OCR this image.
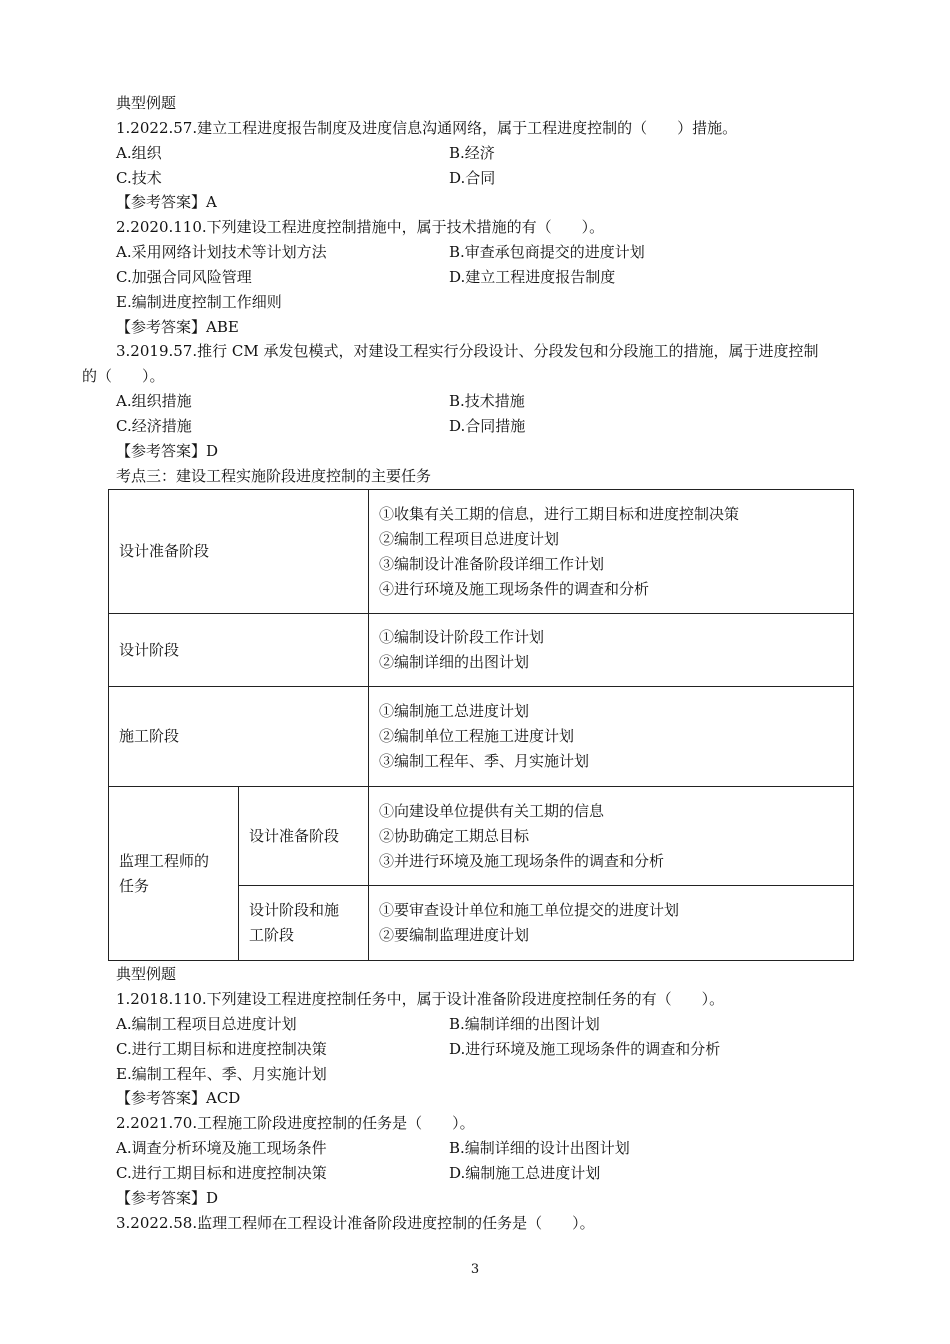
典型例题
1.2022.57.建立工程进度报告制度及进度信息沟通网络，属于工程进度控制的（　　）措施。
A.组织	B.经济
C.技术	D.合同
【参考答案】A
2.2020.110.下列建设工程进度控制措施中，属于技术措施的有（　　）。
A.采用网络计划技术等计划方法	B.审查承包商提交的进度计划
C.加强合同风险管理	D.建立工程进度报告制度
E.编制进度控制工作细则
【参考答案】ABE
3.2019.57.推行 CM 承发包模式，对建设工程实行分段设计、分段发包和分段施工的措施，属于进度控制
的（　　）。
A.组织措施	B.技术措施
C.经济措施	D.合同措施
【参考答案】D
考点三：建设工程实施阶段进度控制的主要任务
设计准备阶段		①收集有关工期的信息，进行工期目标和进度控制决策
②编制工程项目总进度计划
③编制设计准备阶段详细工作计划
④进行环境及施工现场条件的调查和分析

设计阶段		①编制设计阶段工作计划
②编制详细的出图计划

施工阶段		①编制施工总进度计划
②编制单位工程施工进度计划
③编制工程年、季、月实施计划

监理工程师的
任务	设计准备阶段	①向建设单位提供有关工期的信息
②协助确定工期总目标
③并进行环境及施工现场条件的调查和分析

	设计阶段和施
工阶段	①要审查设计单位和施工单位提交的进度计划
②要编制监理进度计划
典型例题
1.2018.110.下列建设工程进度控制任务中，属于设计准备阶段进度控制任务的有（　　）。
A.编制工程项目总进度计划	B.编制详细的出图计划
C.进行工期目标和进度控制决策	D.进行环境及施工现场条件的调查和分析
E.编制工程年、季、月实施计划
【参考答案】ACD
2.2021.70.工程施工阶段进度控制的任务是（　　）。
A.调查分析环境及施工现场条件	B.编制详细的设计出图计划
C.进行工期目标和进度控制决策	D.编制施工总进度计划
【参考答案】D
3.2022.58.监理工程师在工程设计准备阶段进度控制的任务是（　　）。
3
